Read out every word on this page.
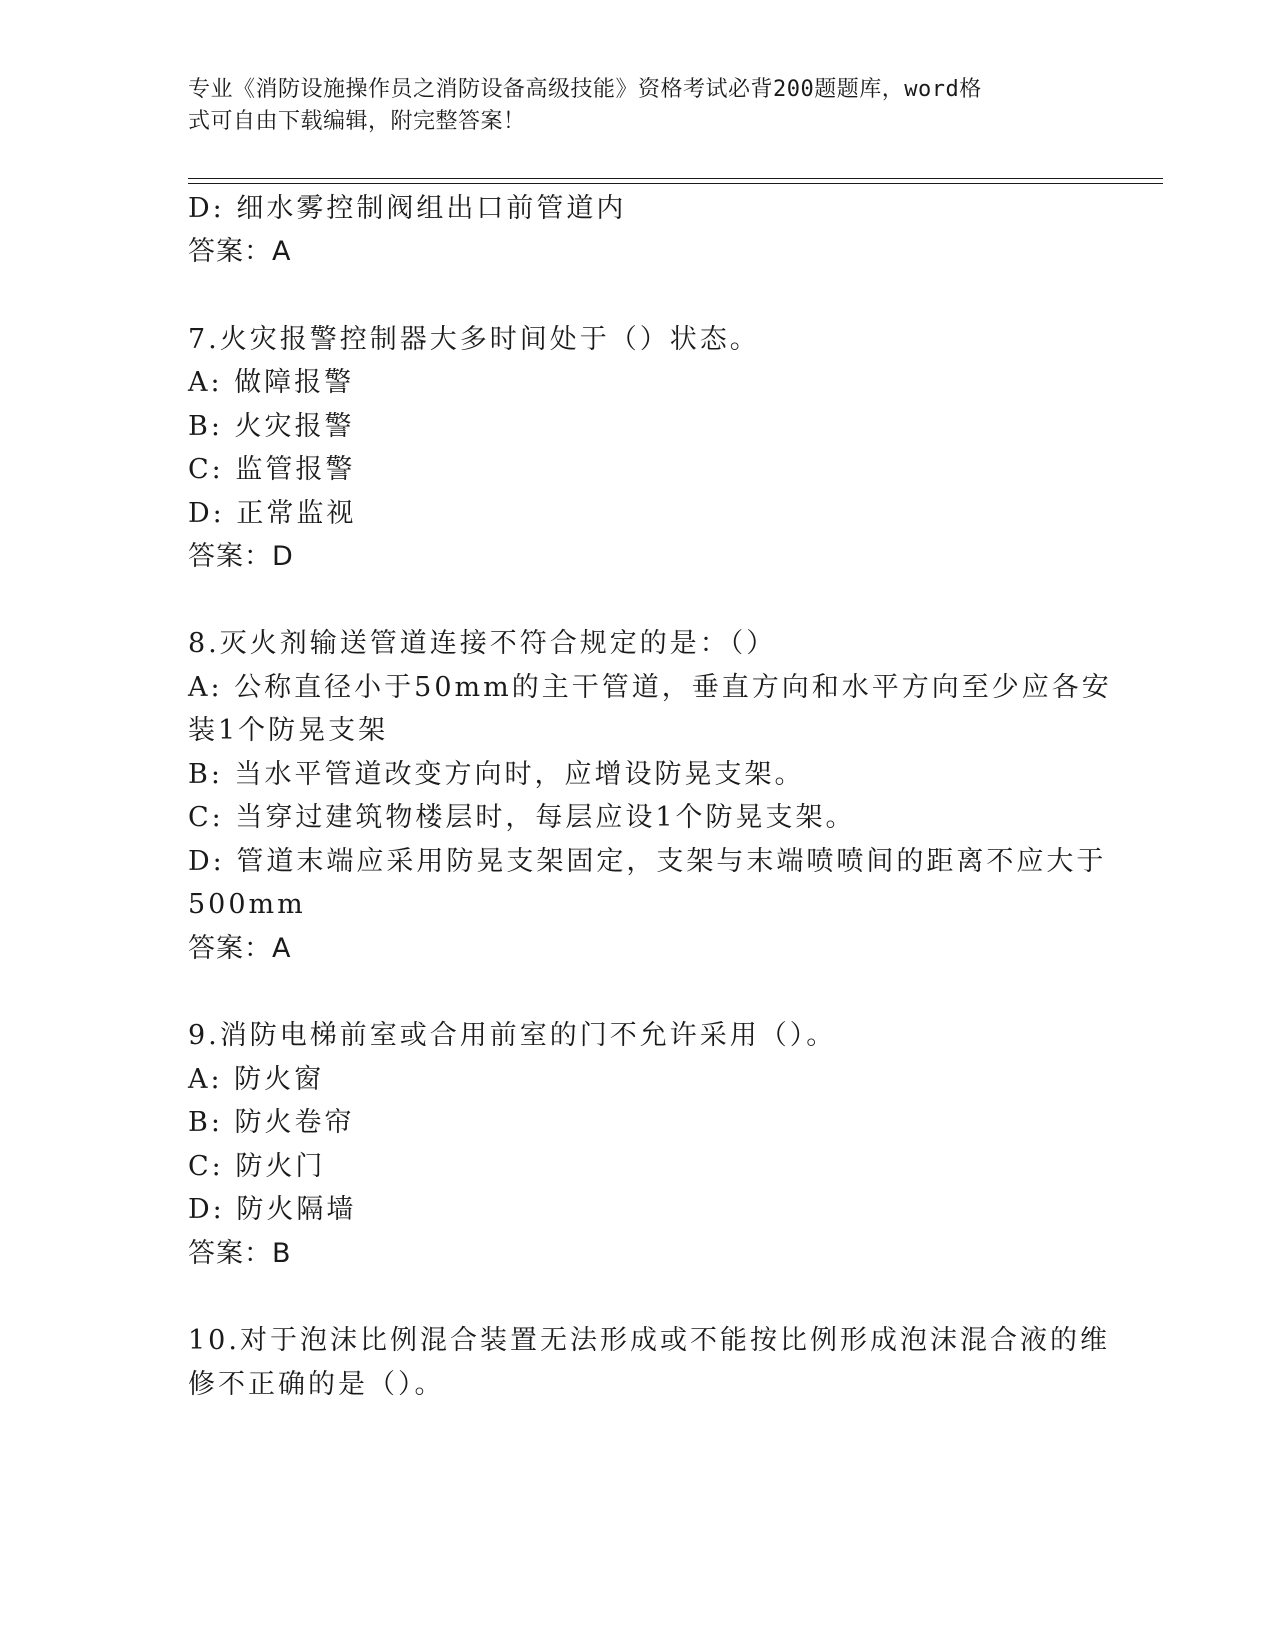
专业《消防设施操作员之消防设备高级技能》资格考试必背200题题库，word格
式可自由下载编辑，附完整答案！
D: 细水雾控制阀组出口前管道内
答案：A
7.火灾报警控制器大多时间处于（）状态。
A: 做障报警
B: 火灾报警
C: 监管报警
D: 正常监视
答案：D
8.灭火剂输送管道连接不符合规定的是：（）
A: 公称直径小于50mm的主干管道，垂直方向和水平方向至少应各安
装1个防晃支架
B: 当水平管道改变方向时，应增设防晃支架。
C: 当穿过建筑物楼层时，每层应设1个防晃支架。
D: 管道末端应采用防晃支架固定，支架与末端喷喷间的距离不应大于
500mm
答案：A
9.消防电梯前室或合用前室的门不允许采用（）。
A: 防火窗
B: 防火卷帘
C: 防火门
D: 防火隔墙
答案：B
10.对于泡沫比例混合装置无法形成或不能按比例形成泡沫混合液的维
修不正确的是（）。
